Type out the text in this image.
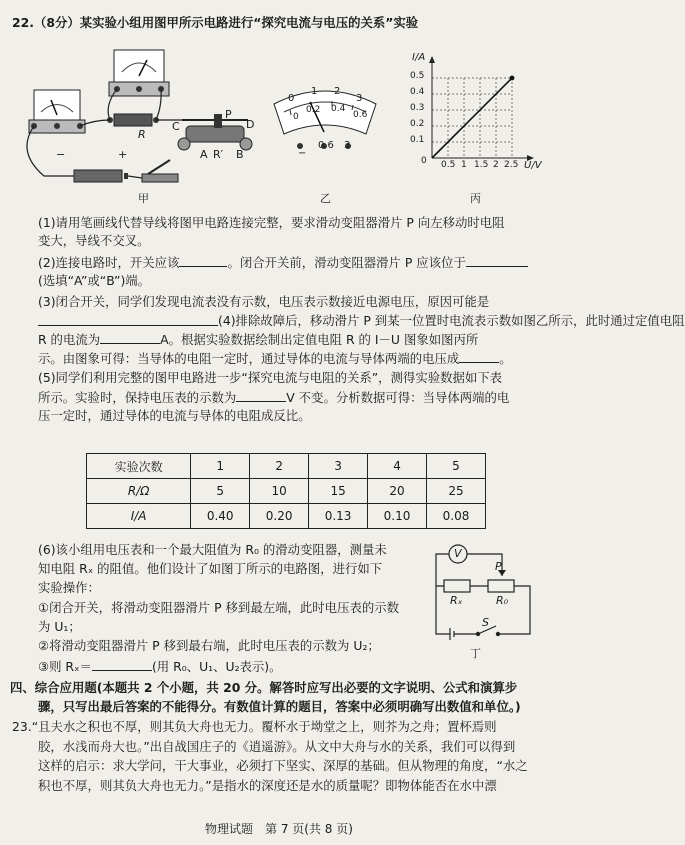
22.（8分）某实验小组用图甲所示电路进行“探究电流与电压的关系”实验
−	+
R
C	D
P
A R′ B
甲
0
1 2
3
0
0.2 0.4
0.6
−
0.6 3
乙
I/A
0.5
0.4
0.3
0.2
0.1
0 0.5 1 1.5 2 2.5 U/V
丙
(1)请用笔画线代替导线将图甲电路连接完整，要求滑动变阻器滑片 P 向左移动时电阻
变大，导线不交叉。
(2)连接电路时，开关应该	。闭合开关前，滑动变阻器滑片 P 应该位于
(选填“A”或“B”)端。
(3)闭合开关，同学们发现电流表没有示数，电压表示数接近电源电压，原因可能是
(4)排除故障后，移动滑片 P 到某一位置时电流表示数如图乙所示，此时通过定值电阻
R 的电流为	A。根据实验数据绘制出定值电阻 R 的 I－U 图象如图丙所
示。由图象可得：当导体的电阻一定时，通过导体的电流与导体两端的电压成	。
(5)同学们利用完整的图甲电路进一步“探究电流与电阻的关系”，测得实验数据如下表
所示。实验时，保持电压表的示数为	V 不变。分析数据可得：当导体两端的电
压一定时，通过导体的电流与导体的电阻成反比。
实验次数	1	2	3	4	5
R/Ω	5	10	15	20	25
I/A	0.40	0.20	0.13	0.10	0.08
(6)该小组用电压表和一个最大阻值为 R₀ 的滑动变阻器，测量未
知电阻 Rₓ 的阻值。他们设计了如图丁所示的电路图，进行如下
实验操作：
①闭合开关，将滑动变阻器滑片 P 移到最左端，此时电压表的示数
为 U₁；
②将滑动变阻器滑片 P 移到最右端，此时电压表的示数为 U₂；
③则 Rₓ＝	(用 R₀、U₁、U₂表示)。
V
P
Rₓ	R₀
S
丁
四、综合应用题(本题共 2 个小题，共 20 分。解答时应写出必要的文字说明、公式和演算步
骤，只写出最后答案的不能得分。有数值计算的题目，答案中必须明确写出数值和单位。)
23.“且夫水之积也不厚，则其负大舟也无力。覆杯水于坳堂之上，则芥为之舟；置杯焉则
胶，水浅而舟大也。”出自战国庄子的《逍遥游》。从文中大舟与水的关系，我们可以得到
这样的启示：求大学问，干大事业，必须打下坚实、深厚的基础。但从物理的角度，“水之
积也不厚，则其负大舟也无力。”是指水的深度还是水的质量呢？即物体能否在水中漂
物理试题　第 7 页(共 8 页)
